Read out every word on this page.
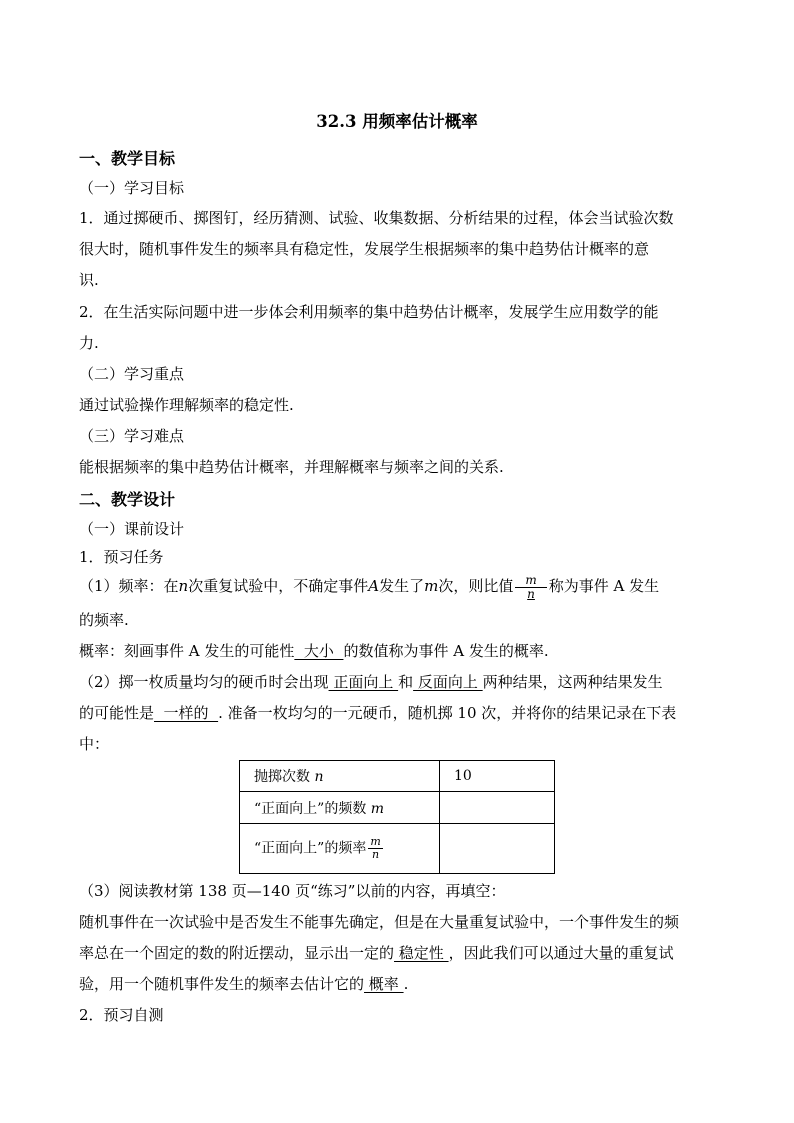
32.3 用频率估计概率
一、教学目标
（一）学习目标
1．通过掷硬币、掷图钉，经历猜测、试验、收集数据、分析结果的过程，体会当试验次数
很大时，随机事件发生的频率具有稳定性，发展学生根据频率的集中趋势估计概率的意
识.
2．在生活实际问题中进一步体会利用频率的集中趋势估计概率，发展学生应用数学的能
力.
（二）学习重点
通过试验操作理解频率的稳定性.
（三）学习难点
能根据频率的集中趋势估计概率，并理解概率与频率之间的关系.
二、教学设计
（一）课前设计
1．预习任务
（1）频率：在n次重复试验中，不确定事件A发生了m次，则比值 $\frac{m}{n}$ 称为事件 A 发生
的频率.
概率：刻画事件 A 发生的可能性  大小  的数值称为事件 A 发生的概率.
（2）掷一枚质量均匀的硬币时会出现 正面向上 和 反面向上 两种结果，这两种结果发生
的可能性是  一样的  . 准备一枚均匀的一元硬币，随机掷 10 次，并将你的结果记录在下表
中：
抛掷次数 n	10
“正面向上”的频数 m	
“正面向上”的频率 $\frac{m}{n}$

（3）阅读教材第 138 页—140 页“练习”以前的内容，再填空：
随机事件在一次试验中是否发生不能事先确定，但是在大量重复试验中，一个事件发生的频
率总在一个固定的数的附近摆动，显示出一定的 稳定性 ，因此我们可以通过大量的重复试
验，用一个随机事件发生的频率去估计它的 概率 .
2．预习自测
